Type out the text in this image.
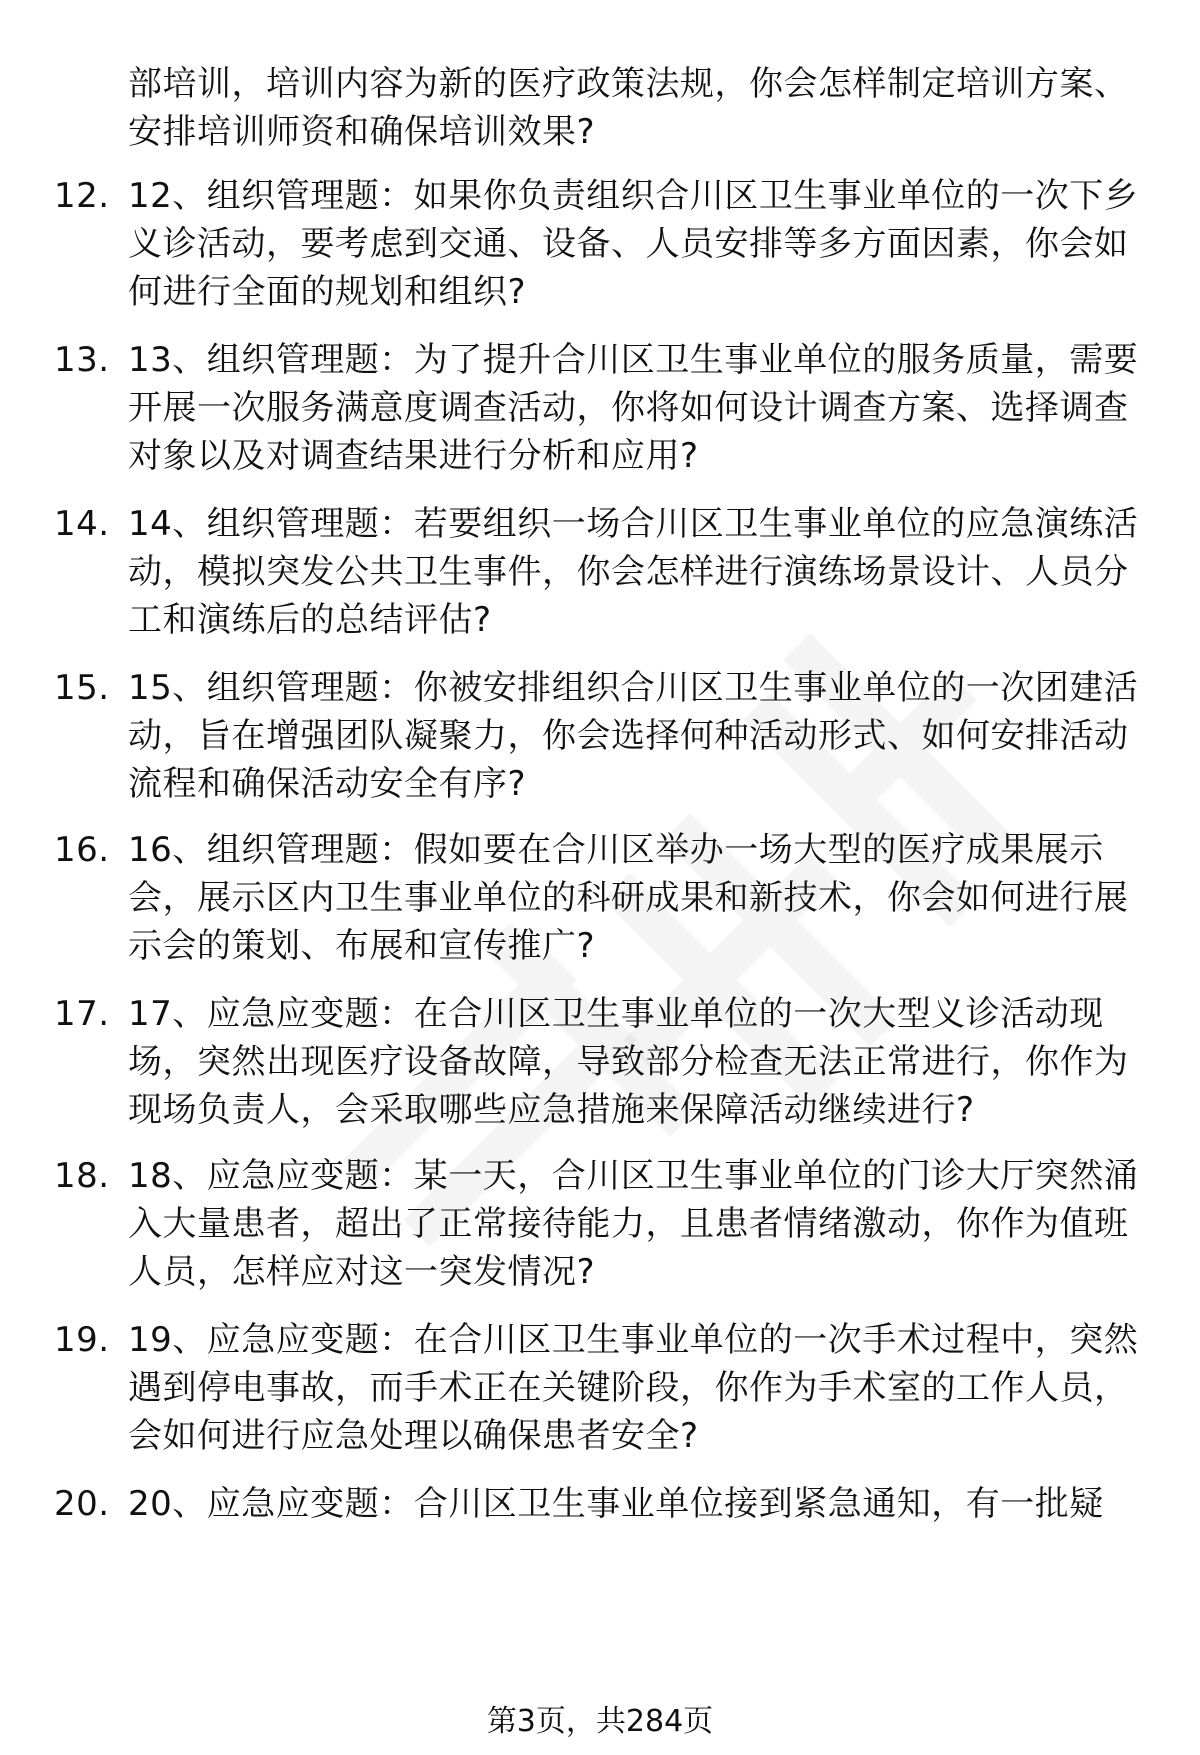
部培训，培训内容为新的医疗政策法规，你会怎样制定培训方案、安排培训师资和确保培训效果?
12. 12、组织管理题：如果你负责组织合川区卫生事业单位的一次下乡义诊活动，要考虑到交通、设备、人员安排等多方面因素，你会如何进行全面的规划和组织?
13. 13、组织管理题：为了提升合川区卫生事业单位的服务质量，需要开展一次服务满意度调查活动，你将如何设计调查方案、选择调查对象以及对调查结果进行分析和应用?
14. 14、组织管理题：若要组织一场合川区卫生事业单位的应急演练活动，模拟突发公共卫生事件，你会怎样进行演练场景设计、人员分工和演练后的总结评估?
15. 15、组织管理题：你被安排组织合川区卫生事业单位的一次团建活动，旨在增强团队凝聚力，你会选择何种活动形式、如何安排活动流程和确保活动安全有序?
16. 16、组织管理题：假如要在合川区举办一场大型的医疗成果展示会，展示区内卫生事业单位的科研成果和新技术，你会如何进行展示会的策划、布展和宣传推广?
17. 17、应急应变题：在合川区卫生事业单位的一次大型义诊活动现场，突然出现医疗设备故障，导致部分检查无法正常进行，你作为现场负责人，会采取哪些应急措施来保障活动继续进行?
18. 18、应急应变题：某一天，合川区卫生事业单位的门诊大厅突然涌入大量患者，超出了正常接待能力，且患者情绪激动，你作为值班人员，怎样应对这一突发情况?
19. 19、应急应变题：在合川区卫生事业单位的一次手术过程中，突然遇到停电事故，而手术正在关键阶段，你作为手术室的工作人员，会如何进行应急处理以确保患者安全?
20. 20、应急应变题：合川区卫生事业单位接到紧急通知，有一批疑
第3页，共284页
